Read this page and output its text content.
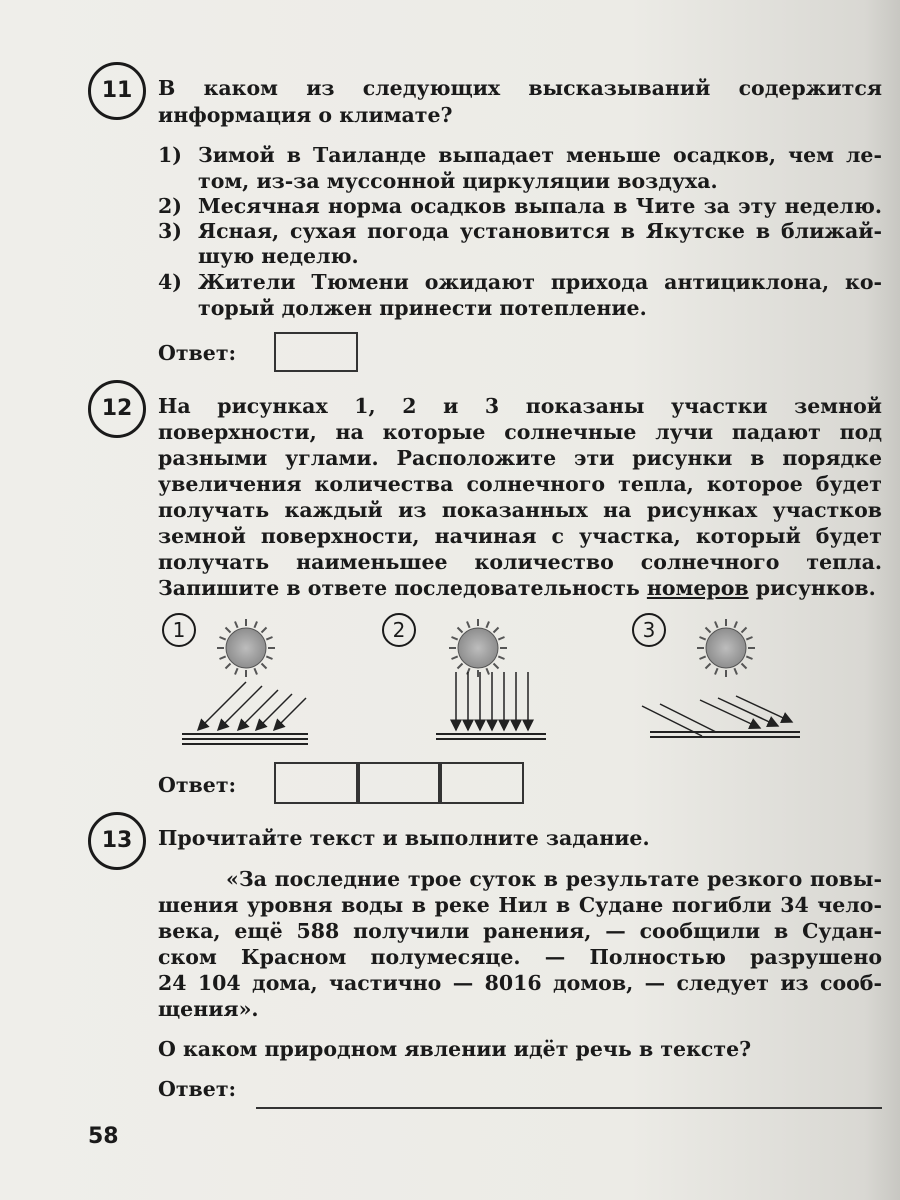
11	В каком из следующих высказываний содержится
информация о климате?
1) Зимой в Таиланде выпадает меньше осадков, чем ле-
том, из-за муссонной циркуляции воздуха.
2) Месячная норма осадков выпала в Чите за эту неделю.
3) Ясная, сухая погода установится в Якутске в ближай-
шую неделю.
4) Жители Тюмени ожидают прихода антициклона, ко-
торый должен принести потепление.
Ответ:
12	На рисунках 1, 2 и 3 показаны участки земной
поверхности, на которые солнечные лучи падают под
разными углами. Расположите эти рисунки в порядке
увеличения количества солнечного тепла, которое будет
получать каждый из показанных на рисунках участков
земной поверхности, начиная с участка, который будет
получать наименьшее количество солнечного тепла.
Запишите в ответе последовательность номеров рисунков.
1	2	3
Ответ:
13	Прочитайте текст и выполните задание.
«За последние трое суток в результате резкого повы-
шения уровня воды в реке Нил в Судане погибли 34 чело-
века, ещё 588 получили ранения, — сообщили в Судан-
ском Красном полумесяце. — Полностью разрушено
24 104 дома, частично — 8016 домов, — следует из сооб-
щения».
О каком природном явлении идёт речь в тексте?
Ответ:
58
